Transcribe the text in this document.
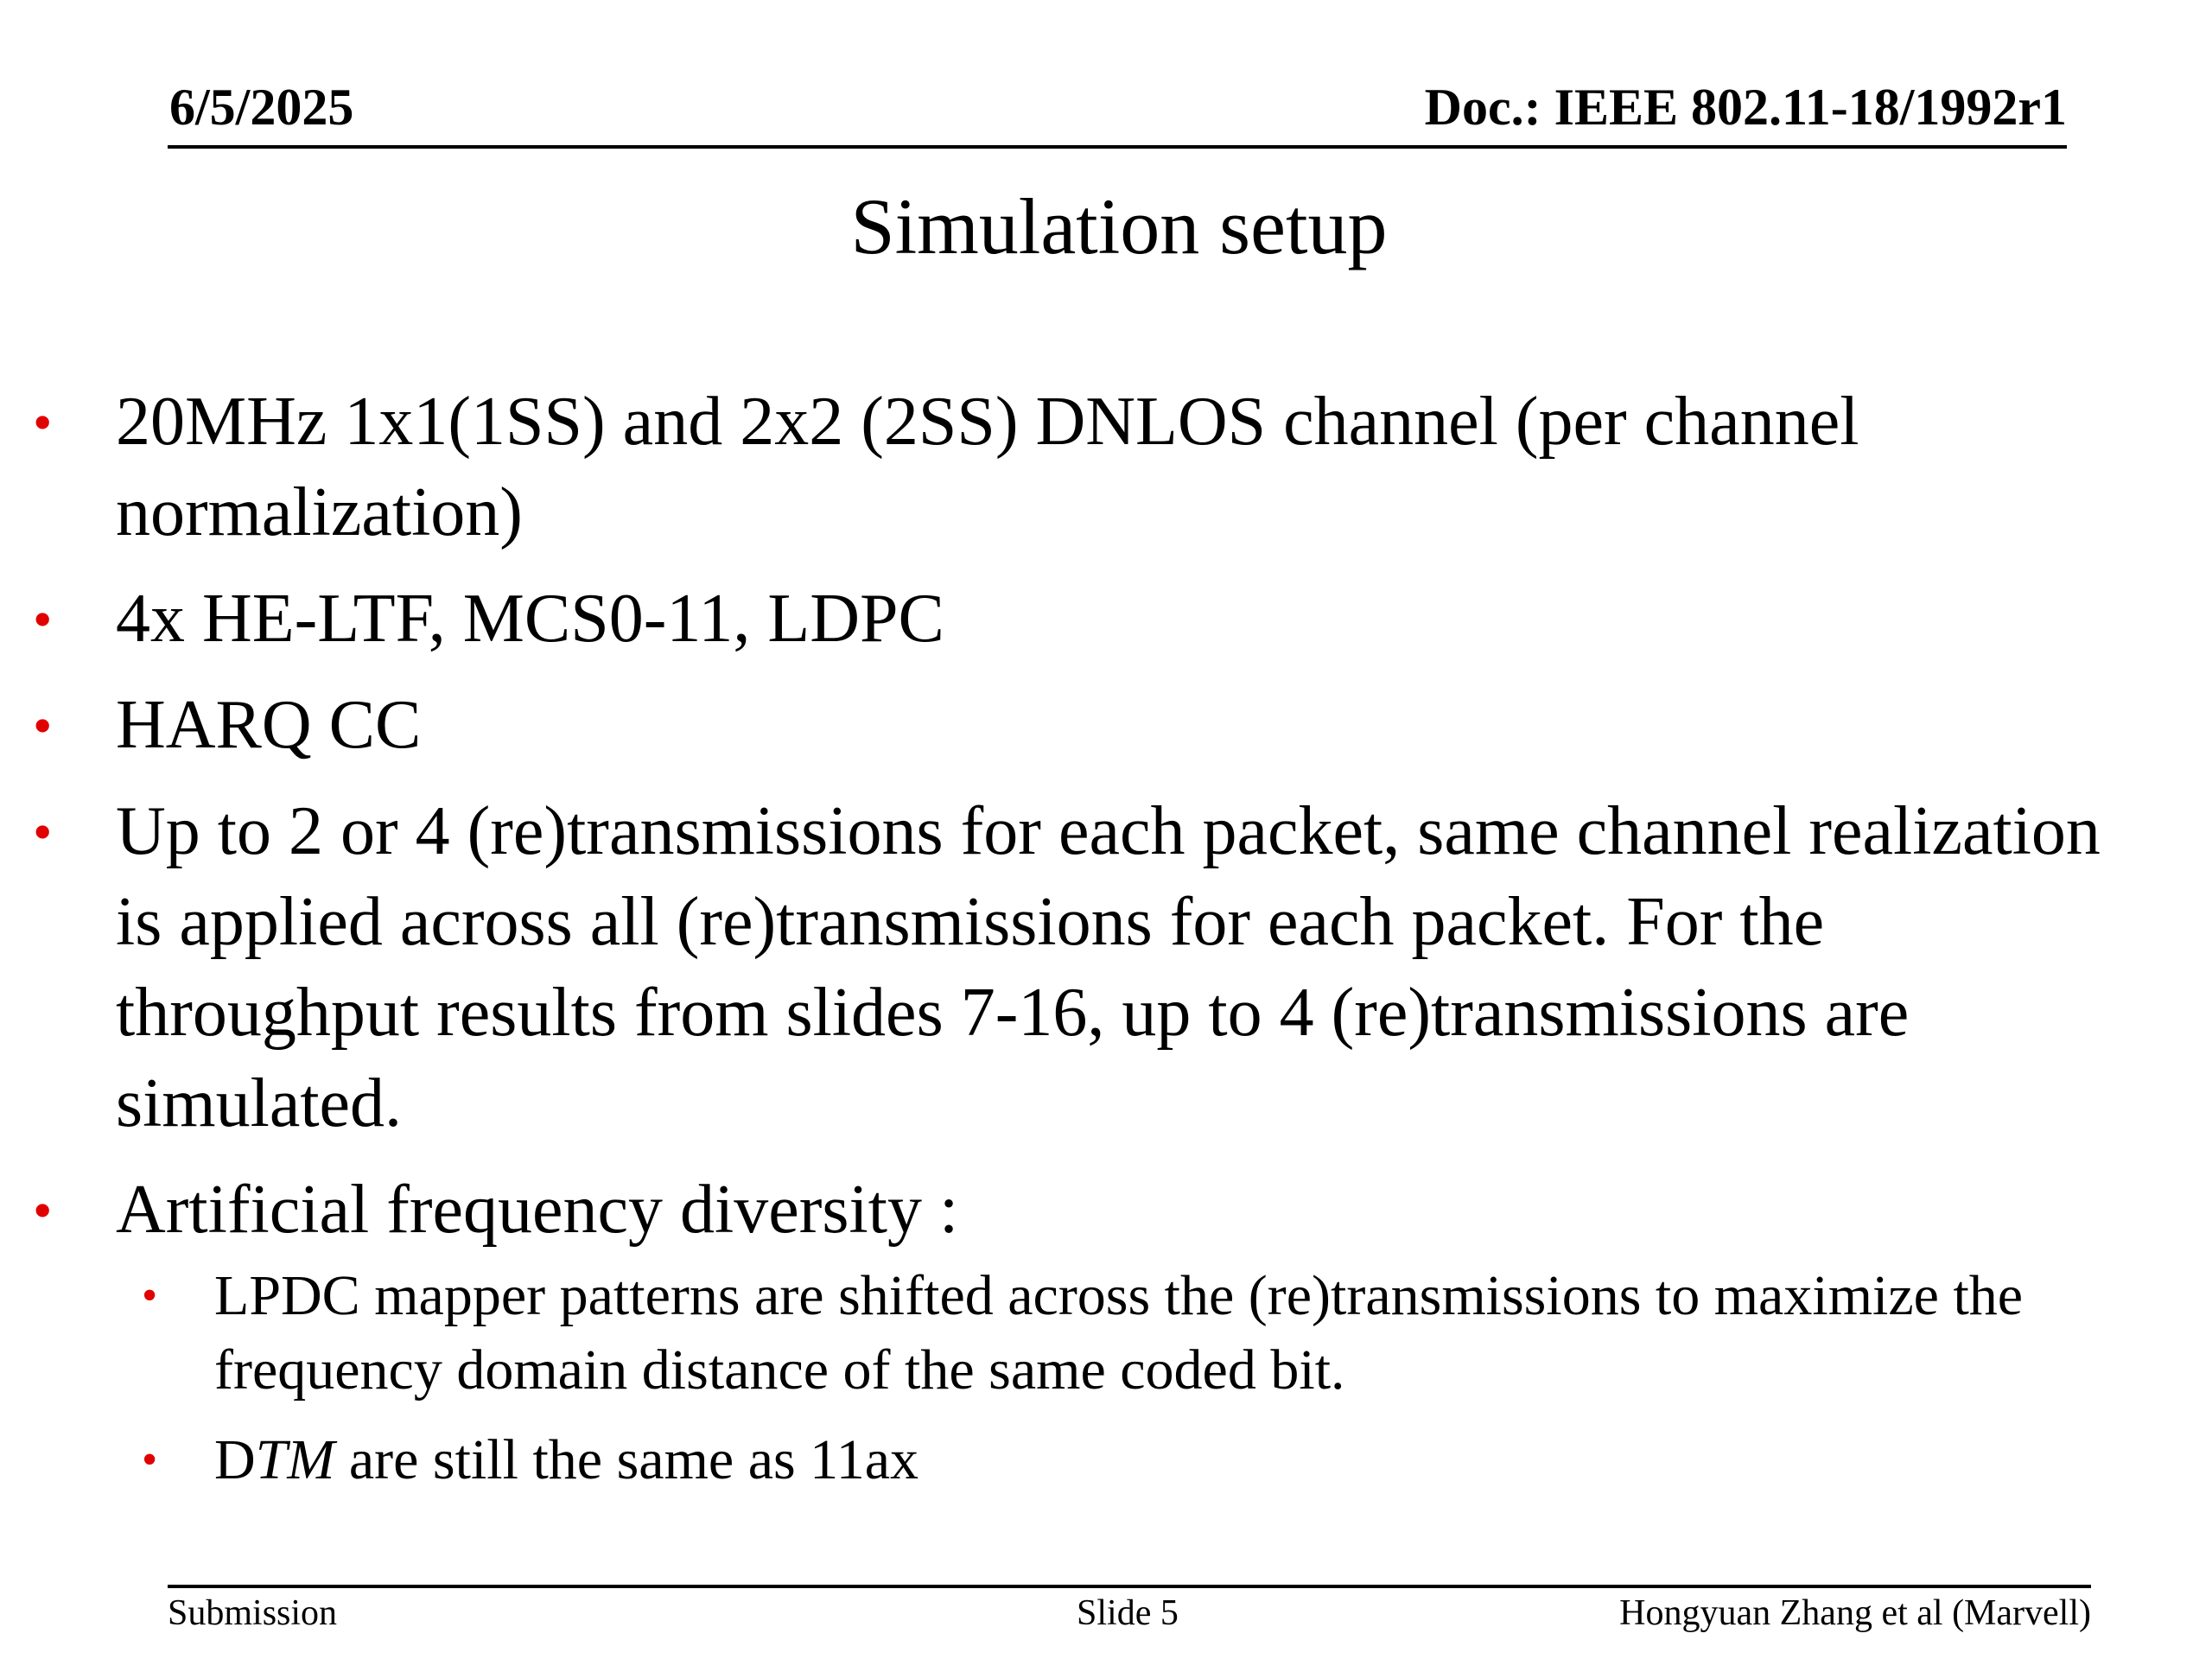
6/5/2025	Doc.: IEEE 802.11-18/1992r1
Simulation setup
• 20MHz 1x1(1SS) and 2x2 (2SS) DNLOS channel (per channel normalization)
• 4x HE-LTF, MCS0-11, LDPC
• HARQ CC
• Up to 2 or 4 (re)transmissions for each packet, same channel realization is applied across all (re)transmissions for each packet. For the throughput results from slides 7-16, up to 4 (re)transmissions are simulated.
• Artificial frequency diversity :
• LPDC mapper patterns are shifted across the (re)transmissions to maximize the frequency domain distance of the same coded bit.
• DTM are still the same as 11ax
Submission	Slide 5	Hongyuan Zhang et al (Marvell)
